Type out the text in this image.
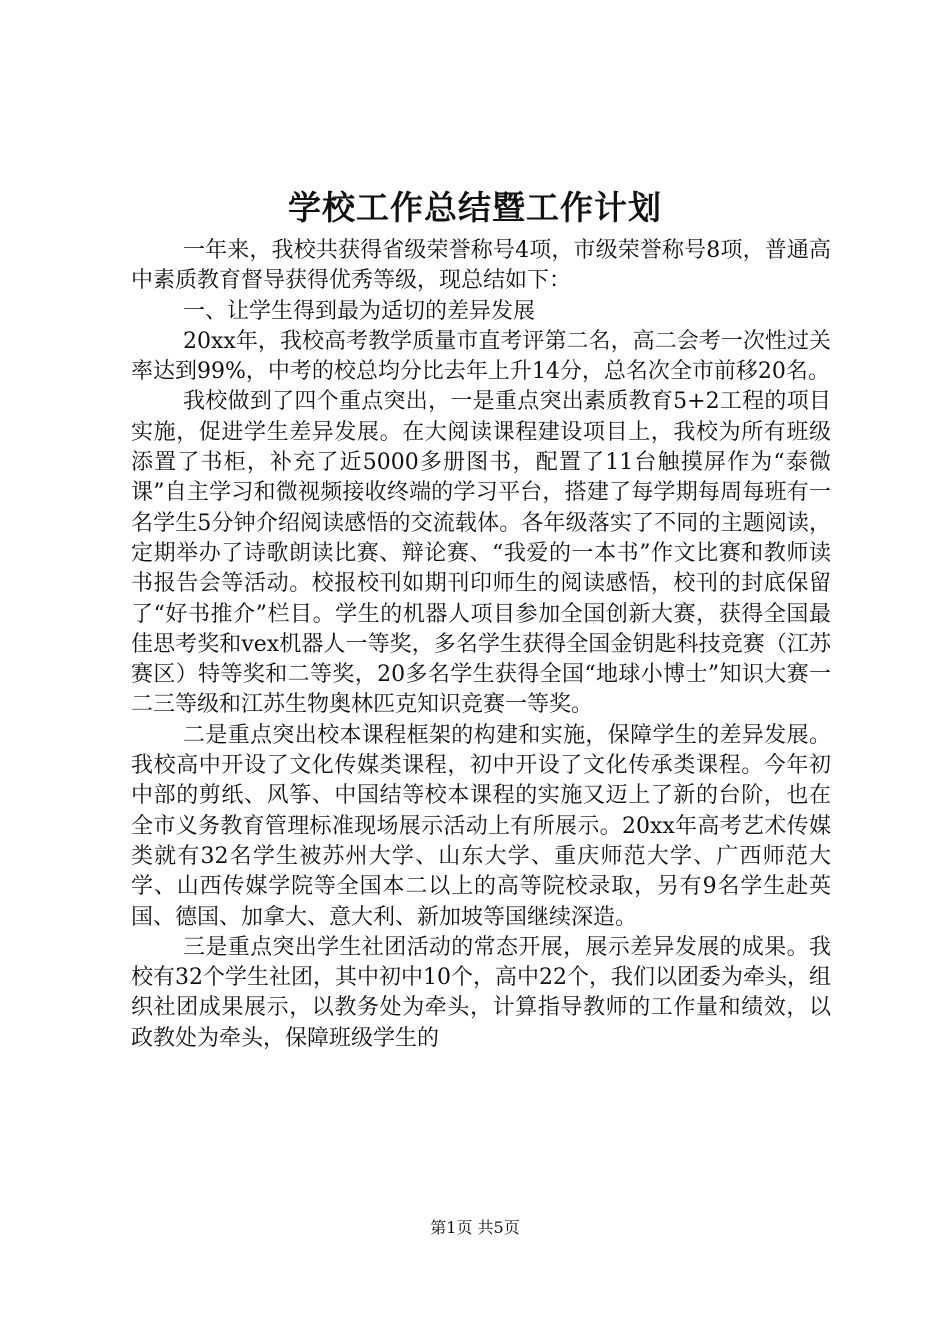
学校工作总结暨工作计划

一年来，我校共获得省级荣誉称号4项，市级荣誉称号8项，普通高中素质教育督导获得优秀等级，现总结如下：

一、让学生得到最为适切的差异发展

20xx年，我校高考教学质量市直考评第二名，高二会考一次性过关率达到99%，中考的校总均分比去年上升14分，总名次全市前移20名。

我校做到了四个重点突出，一是重点突出素质教育5+2工程的项目实施，促进学生差异发展。在大阅读课程建设项目上，我校为所有班级添置了书柜，补充了近5000多册图书，配置了11台触摸屏作为“泰微课”自主学习和微视频接收终端的学习平台，搭建了每学期每周每班有一名学生5分钟介绍阅读感悟的交流载体。各年级落实了不同的主题阅读，定期举办了诗歌朗读比赛、辩论赛、“我爱的一本书”作文比赛和教师读书报告会等活动。校报校刊如期刊印师生的阅读感悟，校刊的封底保留了“好书推介”栏目。学生的机器人项目参加全国创新大赛，获得全国最佳思考奖和vex机器人一等奖，多名学生获得全国金钥匙科技竞赛（江苏赛区）特等奖和二等奖，20多名学生获得全国“地球小博士”知识大赛一二三等级和江苏生物奥林匹克知识竞赛一等奖。

二是重点突出校本课程框架的构建和实施，保障学生的差异发展。我校高中开设了文化传媒类课程，初中开设了文化传承类课程。今年初中部的剪纸、风筝、中国结等校本课程的实施又迈上了新的台阶，也在全市义务教育管理标准现场展示活动上有所展示。20xx年高考艺术传媒类就有32名学生被苏州大学、山东大学、重庆师范大学、广西师范大学、山西传媒学院等全国本二以上的高等院校录取，另有9名学生赴英国、德国、加拿大、意大利、新加坡等国继续深造。

三是重点突出学生社团活动的常态开展，展示差异发展的成果。我校有32个学生社团，其中初中10个，高中22个，我们以团委为牵头，组织社团成果展示，以教务处为牵头，计算指导教师的工作量和绩效，以政教处为牵头，保障班级学生的

第1页 共5页
